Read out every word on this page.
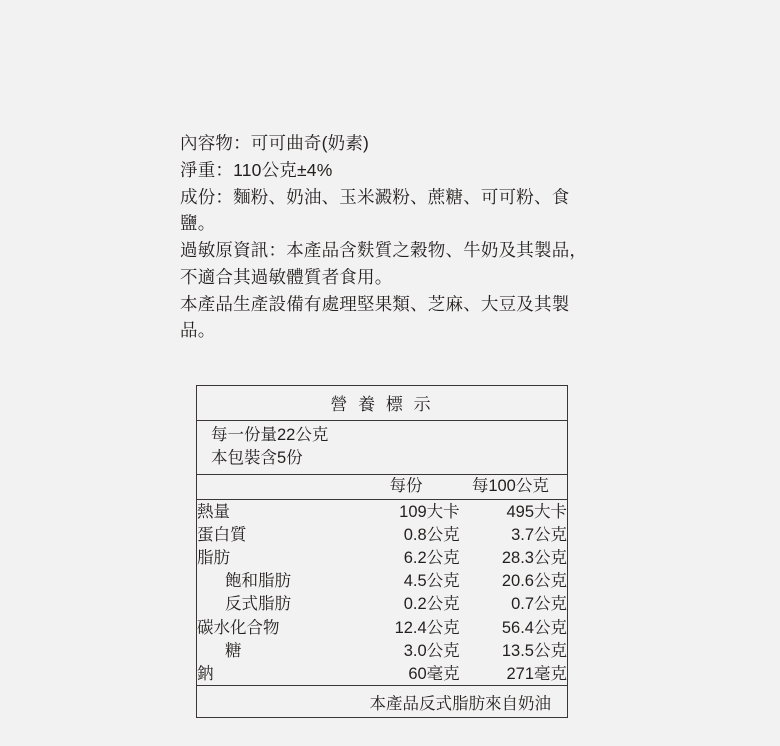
內容物：可可曲奇(奶素)

淨重：110公克±4%

成份：麵粉、奶油、玉米澱粉、蔗糖、可可粉、食鹽。

過敏原資訊：本產品含麩質之穀物、牛奶及其製品，不適合其過敏體質者食用。

本產品生產設備有處理堅果類、芝麻、大豆及其製品。

營 養 標 示
每一份量22公克
本包裝含5份
	每份	每100公克

熱量	109大卡	495大卡
蛋白質	0.8公克	3.7公克
脂肪	6.2公克	28.3公克
飽和脂肪	4.5公克	20.6公克
反式脂肪	0.2公克	0.7公克
碳水化合物	12.4公克	56.4公克
糖	3.0公克	13.5公克
鈉	60毫克	271毫克
本產品反式脂肪來自奶油
